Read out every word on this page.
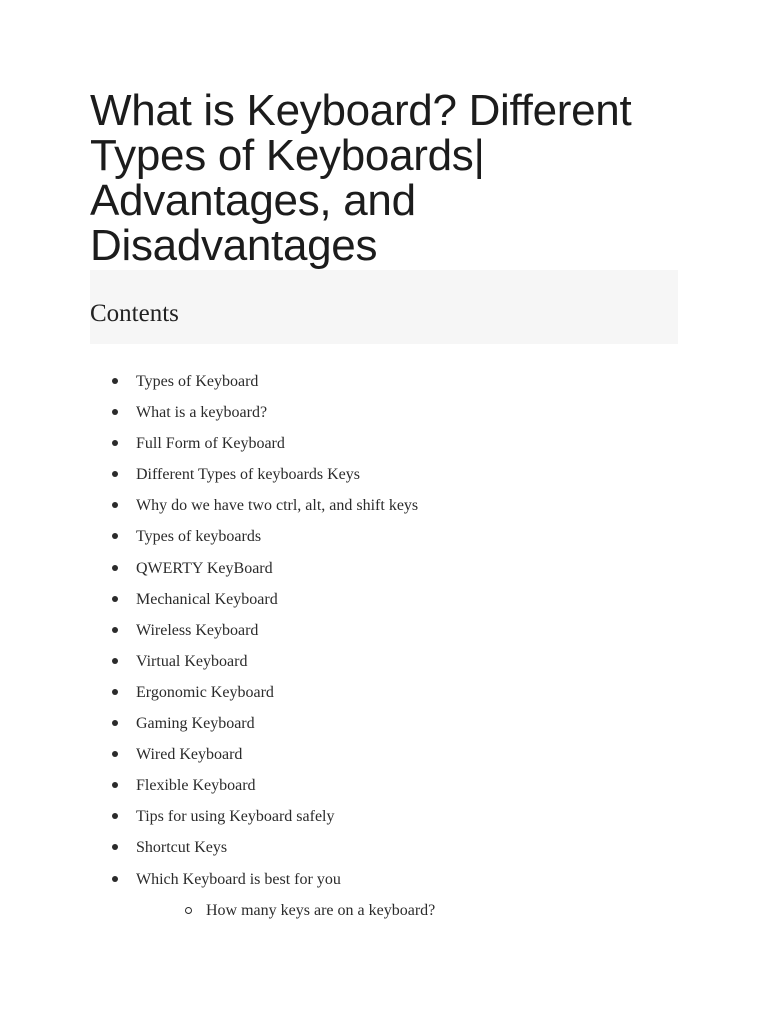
What is Keyboard? Different Types of Keyboards| Advantages, and Disadvantages
Contents
Types of Keyboard
What is a keyboard?
Full Form of Keyboard
Different Types of keyboards Keys
Why do we have two ctrl, alt, and shift keys
Types of keyboards
QWERTY KeyBoard
Mechanical Keyboard
Wireless Keyboard
Virtual Keyboard
Ergonomic Keyboard
Gaming Keyboard
Wired Keyboard
Flexible Keyboard
Tips for using Keyboard safely
Shortcut Keys
Which Keyboard is best for you
How many keys are on a keyboard?
